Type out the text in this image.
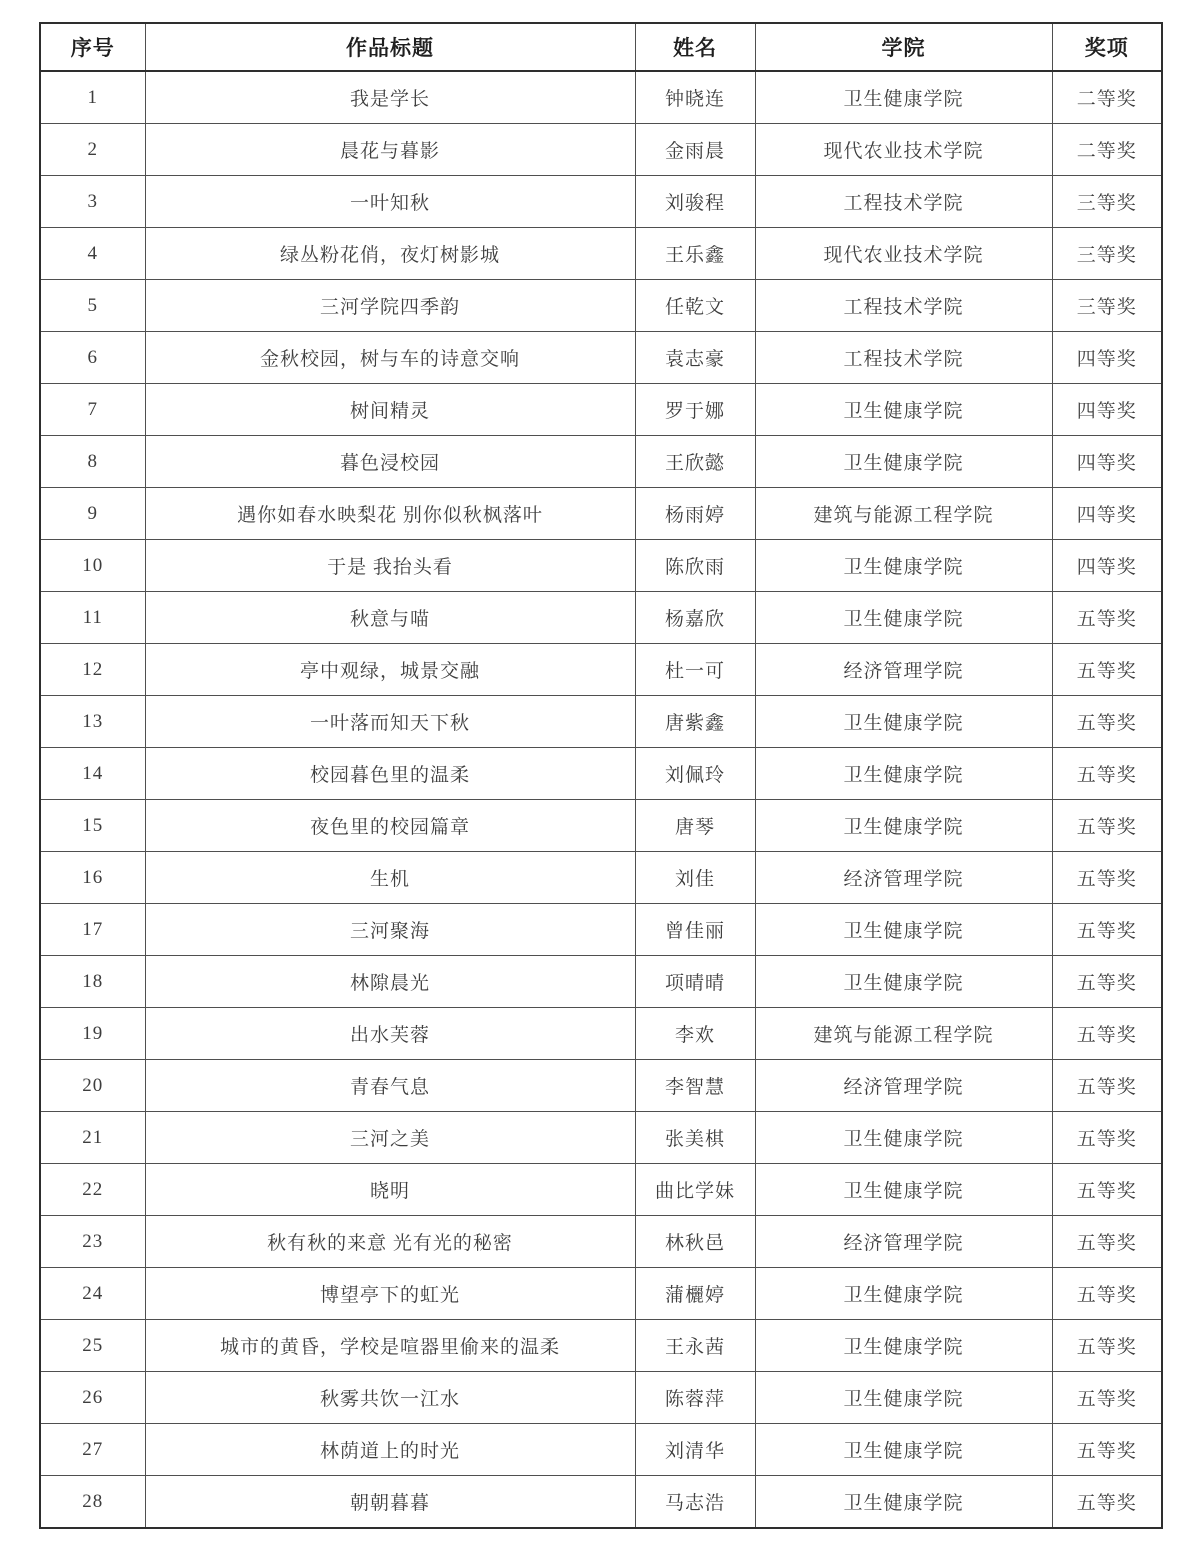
序号	作品标题	姓名	学院	奖项
1	我是学长	钟晓连	卫生健康学院	二等奖
2	晨花与暮影	金雨晨	现代农业技术学院	二等奖
3	一叶知秋	刘骏程	工程技术学院	三等奖
4	绿丛粉花俏，夜灯树影城	王乐鑫	现代农业技术学院	三等奖
5	三河学院四季韵	任乾文	工程技术学院	三等奖
6	金秋校园，树与车的诗意交响	袁志豪	工程技术学院	四等奖
7	树间精灵	罗于娜	卫生健康学院	四等奖
8	暮色浸校园	王欣懿	卫生健康学院	四等奖
9	遇你如春水映梨花 别你似秋枫落叶	杨雨婷	建筑与能源工程学院	四等奖
10	于是 我抬头看	陈欣雨	卫生健康学院	四等奖
11	秋意与喵	杨嘉欣	卫生健康学院	五等奖
12	亭中观绿，城景交融	杜一可	经济管理学院	五等奖
13	一叶落而知天下秋	唐紫鑫	卫生健康学院	五等奖
14	校园暮色里的温柔	刘佩玲	卫生健康学院	五等奖
15	夜色里的校园篇章	唐琴	卫生健康学院	五等奖
16	生机	刘佳	经济管理学院	五等奖
17	三河聚海	曾佳丽	卫生健康学院	五等奖
18	林隙晨光	项晴晴	卫生健康学院	五等奖
19	出水芙蓉	李欢	建筑与能源工程学院	五等奖
20	青春气息	李智慧	经济管理学院	五等奖
21	三河之美	张美棋	卫生健康学院	五等奖
22	晓明	曲比学妹	卫生健康学院	五等奖
23	秋有秋的来意 光有光的秘密	林秋邑	经济管理学院	五等奖
24	博望亭下的虹光	蒲欐婷	卫生健康学院	五等奖
25	城市的黄昏，学校是喧器里偷来的温柔	王永茜	卫生健康学院	五等奖
26	秋雾共饮一江水	陈蓉萍	卫生健康学院	五等奖
27	林荫道上的时光	刘清华	卫生健康学院	五等奖
28	朝朝暮暮	马志浩	卫生健康学院	五等奖
